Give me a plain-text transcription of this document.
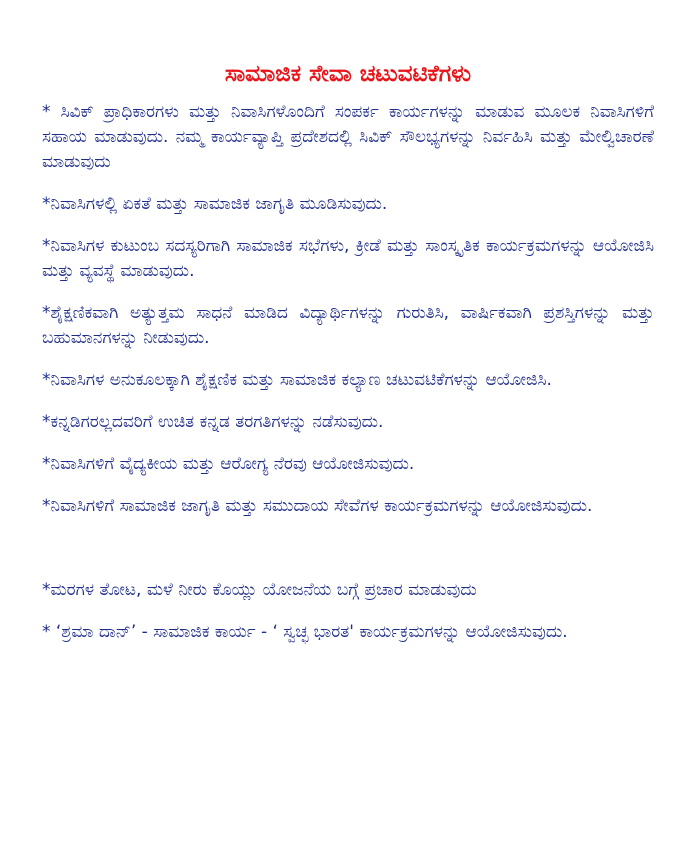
ಸಾಮಾಜಿಕ ಸೇವಾ ಚಟುವಟಿಕೆಗಳು

* ಸಿವಿಕ್ ಪ್ರಾಧಿಕಾರಗಳು ಮತ್ತು ನಿವಾಸಿಗಳೊಂದಿಗೆ ಸಂಪರ್ಕ ಕಾರ್ಯಗಳನ್ನು ಮಾಡುವ ಮೂಲಕ ನಿವಾಸಿಗಳಿಗೆ ಸಹಾಯ ಮಾಡುವುದು. ನಮ್ಮ ಕಾರ್ಯವ್ಯಾಪ್ತಿ ಪ್ರದೇಶದಲ್ಲಿ ಸಿವಿಕ್ ಸೌಲಭ್ಯಗಳನ್ನು ನಿರ್ವಹಿಸಿ ಮತ್ತು ಮೇಲ್ವಿಚಾರಣೆ ಮಾಡುವುದು

*ನಿವಾಸಿಗಳಲ್ಲಿ ಏಕತೆ ಮತ್ತು ಸಾಮಾಜಿಕ ಜಾಗೃತಿ ಮೂಡಿಸುವುದು.

*ನಿವಾಸಿಗಳ ಕುಟುಂಬ ಸದಸ್ಯರಿಗಾಗಿ ಸಾಮಾಜಿಕ ಸಭೆಗಳು, ಕ್ರೀಡೆ ಮತ್ತು ಸಾಂಸ್ಕೃತಿಕ ಕಾರ್ಯಕ್ರಮಗಳನ್ನು ಆಯೋಜಿಸಿ ಮತ್ತು ವ್ಯವಸ್ಥೆ ಮಾಡುವುದು.

*ಶೈಕ್ಷಣಿಕವಾಗಿ ಅತ್ಯುತ್ತಮ ಸಾಧನೆ ಮಾಡಿದ ವಿದ್ಯಾರ್ಥಿಗಳನ್ನು ಗುರುತಿಸಿ, ವಾರ್ಷಿಕವಾಗಿ ಪ್ರಶಸ್ತಿಗಳನ್ನು ಮತ್ತು ಬಹುಮಾನಗಳನ್ನು ನೀಡುವುದು.

*ನಿವಾಸಿಗಳ ಅನುಕೂಲಕ್ಕಾಗಿ ಶೈಕ್ಷಣಿಕ ಮತ್ತು ಸಾಮಾಜಿಕ ಕಲ್ಯಾಣ ಚಟುವಟಿಕೆಗಳನ್ನು ಆಯೋಜಿಸಿ.

*ಕನ್ನಡಿಗರಲ್ಲದವರಿಗೆ ಉಚಿತ ಕನ್ನಡ ತರಗತಿಗಳನ್ನು ನಡೆಸುವುದು.

*ನಿವಾಸಿಗಳಿಗೆ ವೈದ್ಯಕೀಯ ಮತ್ತು ಆರೋಗ್ಯ ನೆರವು ಆಯೋಜಿಸುವುದು.

*ನಿವಾಸಿಗಳಿಗೆ ಸಾಮಾಜಿಕ ಜಾಗೃತಿ ಮತ್ತು ಸಮುದಾಯ ಸೇವೆಗಳ ಕಾರ್ಯಕ್ರಮಗಳನ್ನು ಆಯೋಜಿಸುವುದು.

*ಮರಗಳ ತೋಟ, ಮಳೆ ನೀರು ಕೊಯ್ಲು ಯೋಜನೆಯ ಬಗ್ಗೆ ಪ್ರಚಾರ ಮಾಡುವುದು

* ‘ಶ್ರಮಾ ದಾನ್’ - ಸಾಮಾಜಿಕ ಕಾರ್ಯ - ‘ ಸ್ವಚ್ಛ ಭಾರತ' ಕಾರ್ಯಕ್ರಮಗಳನ್ನು ಆಯೋಜಿಸುವುದು.
